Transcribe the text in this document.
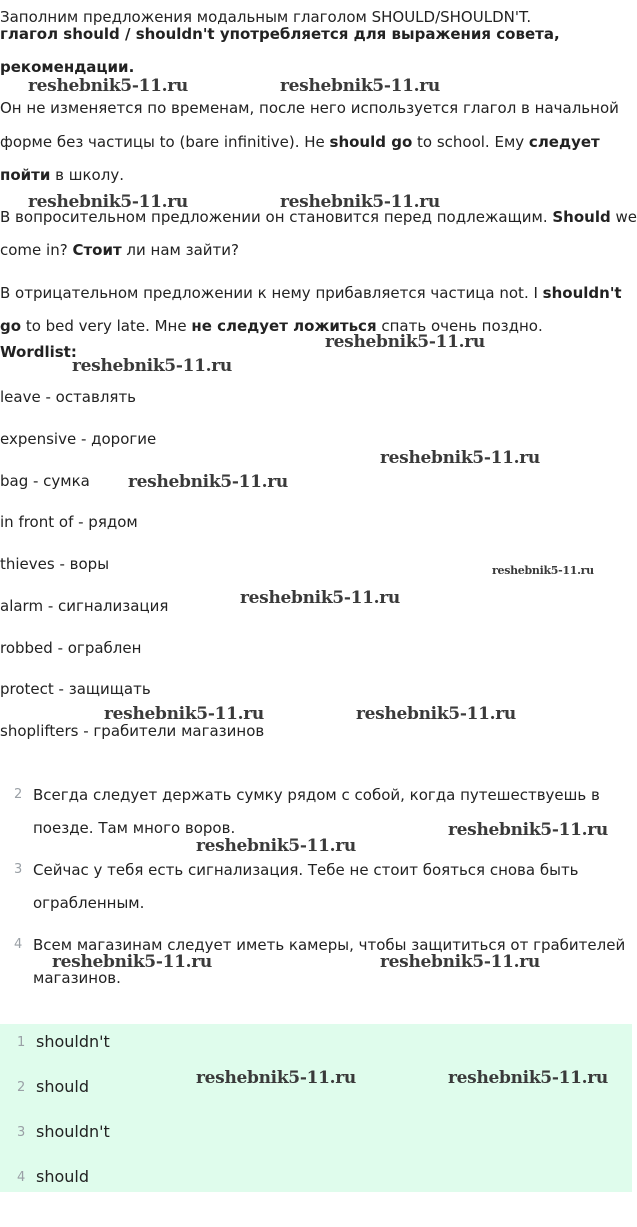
Заполним предложения модальным глаголом SHOULD/SHOULDN'T.
глагол should / shouldn't употребляется для выражения совета,
рекомендации.
Он не изменяется по временам, после него используется глагол в начальной
форме без частицы to (bare infinitive). He should go to school. Ему следует
пойти в школу.
В вопросительном предложении он становится перед подлежащим. Should we
come in? Стоит ли нам зайти?
В отрицательном предложении к нему прибавляется частица not. I shouldn't
go to bed very late. Мне не следует ложиться спать очень поздно.
Wordlist:
leave - оставлять
expensive - дорогие
bag - сумка
in front of - рядом
thieves - воры
alarm - сигнализация
robbed - ограблен
protect - защищать
shoplifters - грабители магазинов
2 Всегда следует держать сумку рядом с собой, когда путешествуешь в
поезде. Там много воров.
3 Сейчас у тебя есть сигнализация. Тебе не стоит бояться снова быть
ограбленным.
4 Всем магазинам следует иметь камеры, чтобы защититься от грабителей
магазинов.
1 shouldn't
2 should
3 shouldn't
4 should
reshebnik5-11.ru	reshebnik5-11.ru
reshebnik5-11.ru	reshebnik5-11.ru
reshebnik5-11.ru
reshebnik5-11.ru
reshebnik5-11.ru
reshebnik5-11.ru
reshebnik5-11.ru
reshebnik5-11.ru
reshebnik5-11.ru	reshebnik5-11.ru
reshebnik5-11.ru
reshebnik5-11.ru
reshebnik5-11.ru	reshebnik5-11.ru
reshebnik5-11.ru	reshebnik5-11.ru
